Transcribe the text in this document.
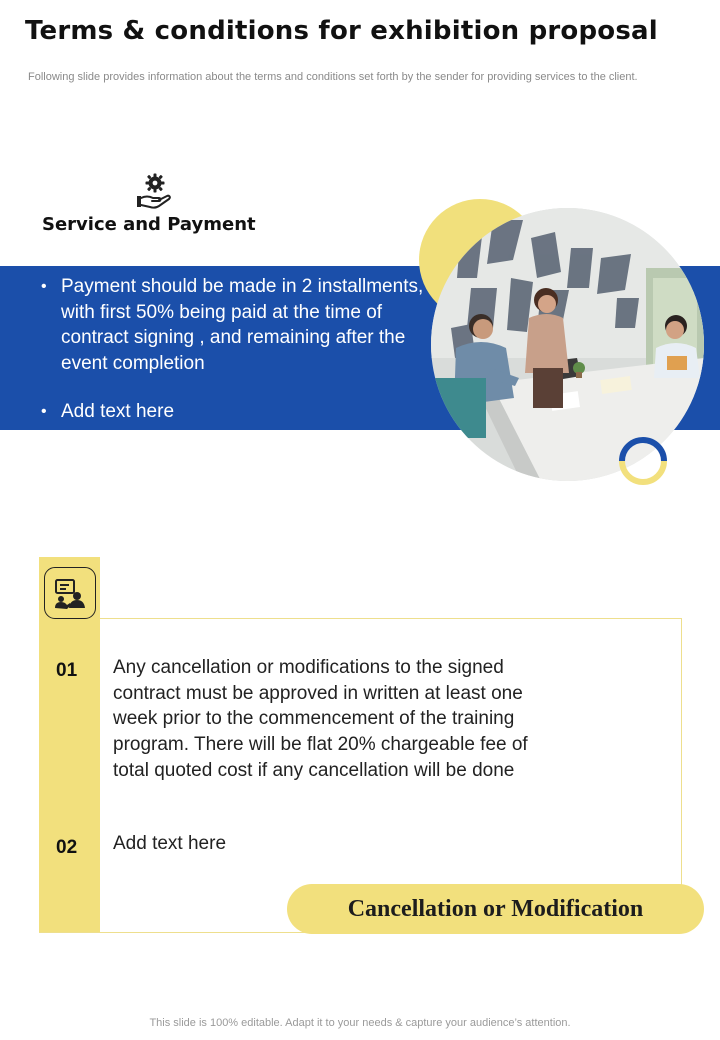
Terms & conditions for exhibition proposal
Following slide provides information about the terms and conditions set forth by the sender for providing services to the client.
Service and Payment
• Payment should be made in 2 installments, with first 50% being paid at the time of contract signing , and remaining after the event completion
• Add text here
01 Any cancellation or modifications to the signed contract must be approved in written at least one week prior to the commencement of the training program. There will be flat 20% chargeable fee of total quoted cost if any cancellation will be done
02 Add text here
Cancellation or Modification
This slide is 100% editable. Adapt it to your needs & capture your audience’s attention.
